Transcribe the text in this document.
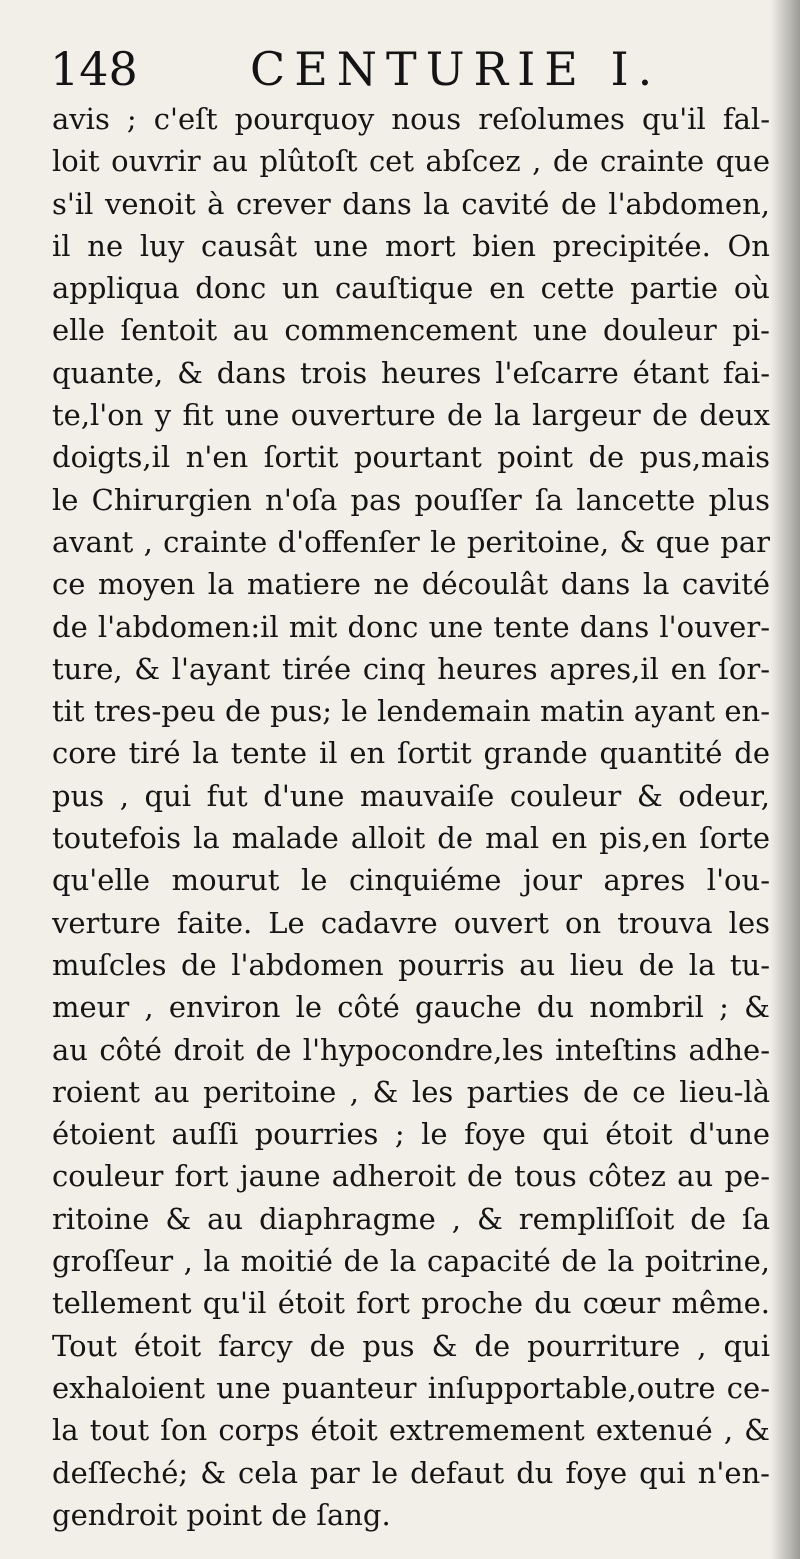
148 CENTURIE I.
avis ; c'eſt pourquoy nous reſolumes qu'il fal-
loit ouvrir au plûtoſt cet abſcez , de crainte que
s'il venoit à crever dans la cavité de l'abdomen,
il ne luy causât une mort bien precipitée. On
appliqua donc un cauſtique en cette partie où
elle ſentoit au commencement une douleur pi-
quante, & dans trois heures l'eſcarre étant fai-
te,l'on y fit une ouverture de la largeur de deux
doigts,il n'en ſortit pourtant point de pus,mais
le Chirurgien n'oſa pas pouſſer ſa lancette plus
avant , crainte d'offenſer le peritoine, & que par
ce moyen la matiere ne découlât dans la cavité
de l'abdomen:il mit donc une tente dans l'ouver-
ture, & l'ayant tirée cinq heures apres,il en ſor-
tit tres-peu de pus; le lendemain matin ayant en-
core tiré la tente il en ſortit grande quantité de
pus , qui fut d'une mauvaiſe couleur & odeur,
toutefois la malade alloit de mal en pis,en ſorte
qu'elle mourut le cinquiéme jour apres l'ou-
verture faite. Le cadavre ouvert on trouva les
muſcles de l'abdomen pourris au lieu de la tu-
meur , environ le côté gauche du nombril ; &
au côté droit de l'hypocondre,les inteſtins adhe-
roient au peritoine , & les parties de ce lieu-là
étoient auſſi pourries ; le foye qui étoit d'une
couleur fort jaune adheroit de tous côtez au pe-
ritoine & au diaphragme , & rempliſſoit de ſa
groſſeur , la moitié de la capacité de la poitrine,
tellement qu'il étoit fort proche du cœur même.
Tout étoit farcy de pus & de pourriture , qui
exhaloient une puanteur inſupportable,outre ce-
la tout ſon corps étoit extremement extenué , &
deſſeché; & cela par le defaut du foye qui n'en-
gendroit point de ſang.
